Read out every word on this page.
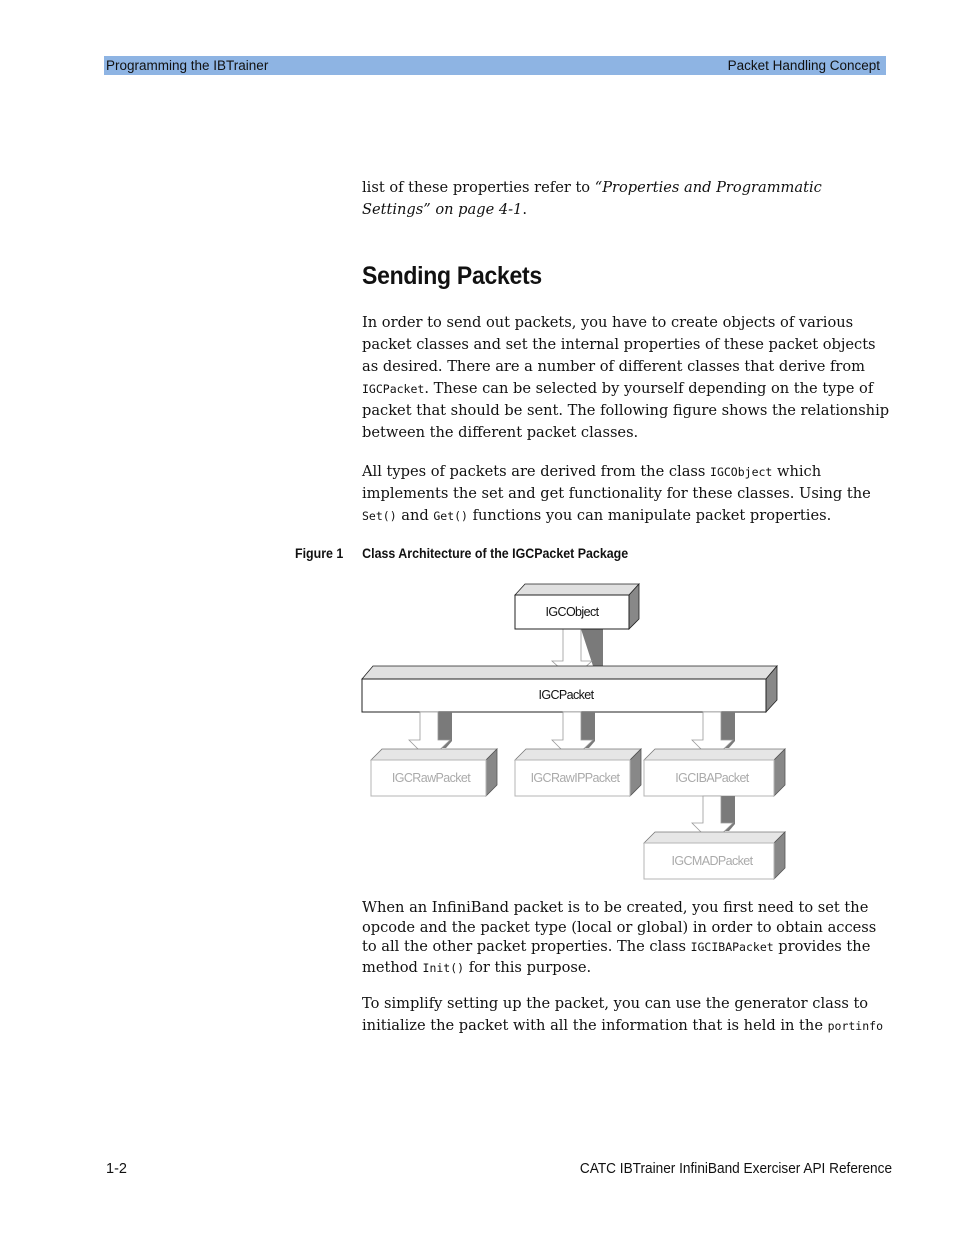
Programming the IBTrainer	Packet Handling Concept

list of these properties refer to “Properties and Programmatic Settings” on page 4-1.

Sending Packets

In order to send out packets, you have to create objects of various packet classes and set the internal properties of these packet objects as desired. There are a number of different classes that derive from IGCPacket. These can be selected by yourself depending on the type of packet that should be sent. The following figure shows the relationship between the different packet classes.

All types of packets are derived from the class IGCObject which implements the set and get functionality for these classes. Using the Set() and Get() functions you can manipulate packet properties.

Figure 1 Class Architecture of the IGCPacket Package
IGCObject
IGCPacket
IGCRawPacket	IGCRawIPPacket	IGCIBAPacket
IGCMADPacket

When an InfiniBand packet is to be created, you first need to set the opcode and the packet type (local or global) in order to obtain access to all the other packet properties. The class IGCIBAPacket provides the method Init() for this purpose.

To simplify setting up the packet, you can use the generator class to initialize the packet with all the information that is held in the portinfo

1-2	CATC IBTrainer InfiniBand Exerciser API Reference
